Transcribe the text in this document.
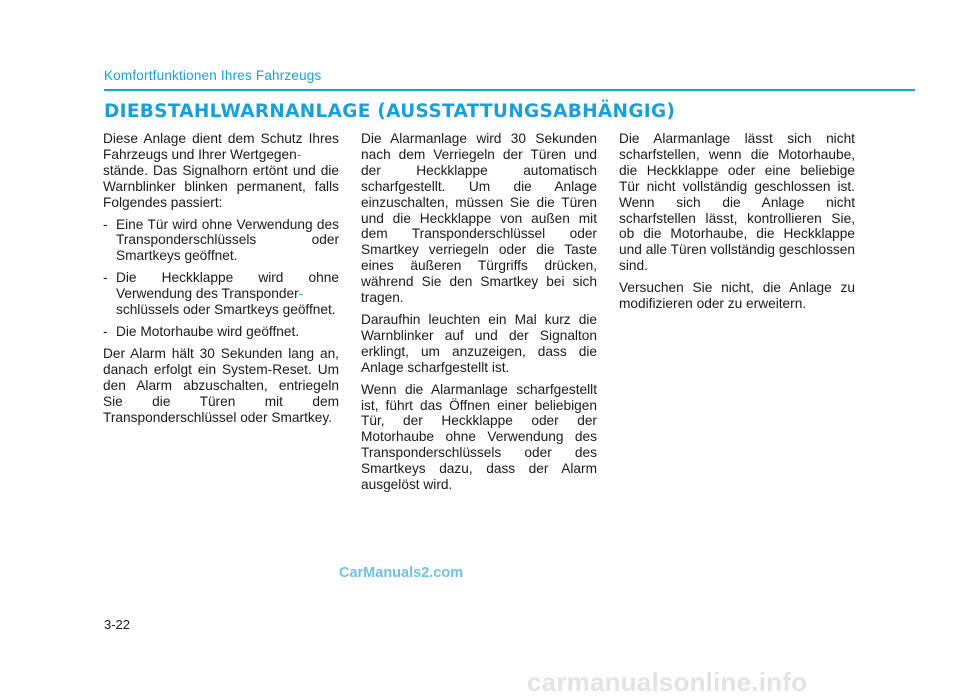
Komfortfunktionen Ihres Fahrzeugs
DIEBSTAHLWARNANLAGE (AUSSTATTUNGSABHÄNGIG)

Diese Anlage dient dem Schutz Ihres Fahrzeugs und Ihrer Wertgegen-
stände. Das Signalhorn ertönt und die Warnblinker blinken permanent, falls Folgendes passiert:

- Eine Tür wird ohne Verwendung des Transponderschlüssels oder Smartkeys geöffnet.
- Die Heckklappe wird ohne Verwendung des Transponder-
schlüssels oder Smartkeys geöffnet.
- Die Motorhaube wird geöffnet.

Der Alarm hält 30 Sekunden lang an, danach erfolgt ein System-Reset. Um den Alarm abzuschalten, entriegeln Sie die Türen mit dem Transponderschlüssel oder Smartkey.

Die Alarmanlage wird 30 Sekunden nach dem Verriegeln der Türen und der Heckklappe automatisch scharfgestellt. Um die Anlage einzuschalten, müssen Sie die Türen und die Heckklappe von außen mit dem Transponderschlüssel oder Smartkey verriegeln oder die Taste eines äußeren Türgriffs drücken, während Sie den Smartkey bei sich tragen.

Daraufhin leuchten ein Mal kurz die Warnblinker auf und der Signalton erklingt, um anzuzeigen, dass die Anlage scharfgestellt ist.

Wenn die Alarmanlage scharfgestellt ist, führt das Öffnen einer beliebigen Tür, der Heckklappe oder der Motorhaube ohne Verwendung des Transponderschlüssels oder des Smartkeys dazu, dass der Alarm ausgelöst wird.

Die Alarmanlage lässt sich nicht scharfstellen, wenn die Motorhaube, die Heckklappe oder eine beliebige Tür nicht vollständig geschlossen ist. Wenn sich die Anlage nicht scharfstellen lässt, kontrollieren Sie, ob die Motorhaube, die Heckklappe und alle Türen vollständig geschlossen sind.

Versuchen Sie nicht, die Anlage zu modifizieren oder zu erweitern.

CarManuals2.com
3-22
carmanualsonline.info
